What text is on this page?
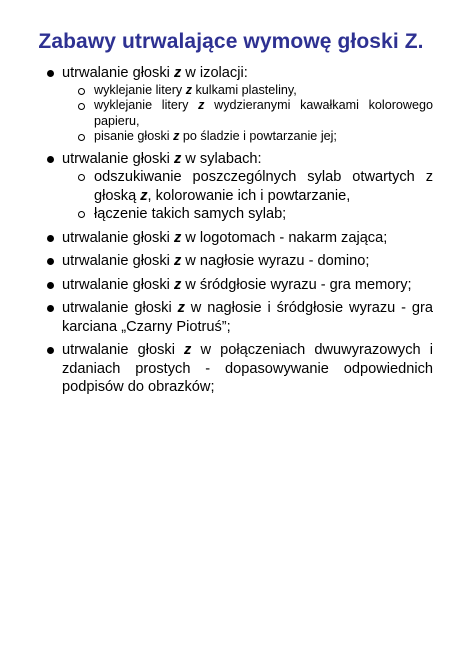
Zabawy utrwalające wymowę głoski Z.
utrwalanie głoski z w izolacji:
wyklejanie litery z kulkami plasteliny,
wyklejanie litery z wydzieranymi kawałkami kolorowego papieru,
pisanie głoski z po śladzie i powtarzanie jej;
utrwalanie głoski z w sylabach:
odszukiwanie poszczególnych sylab otwartych z głoską z, kolorowanie ich i powtarzanie,
łączenie takich samych sylab;
utrwalanie głoski z w logotomach - nakarm zająca;
utrwalanie głoski z w nagłosie wyrazu - domino;
utrwalanie głoski z w śródgłosie wyrazu - gra memory;
utrwalanie głoski z w nagłosie i śródgłosie wyrazu - gra karciana „Czarny Piotruś”;
utrwalanie głoski z w połączeniach dwuwyrazowych i zdaniach prostych - dopasowywanie odpowiednich podpisów do obrazków;
